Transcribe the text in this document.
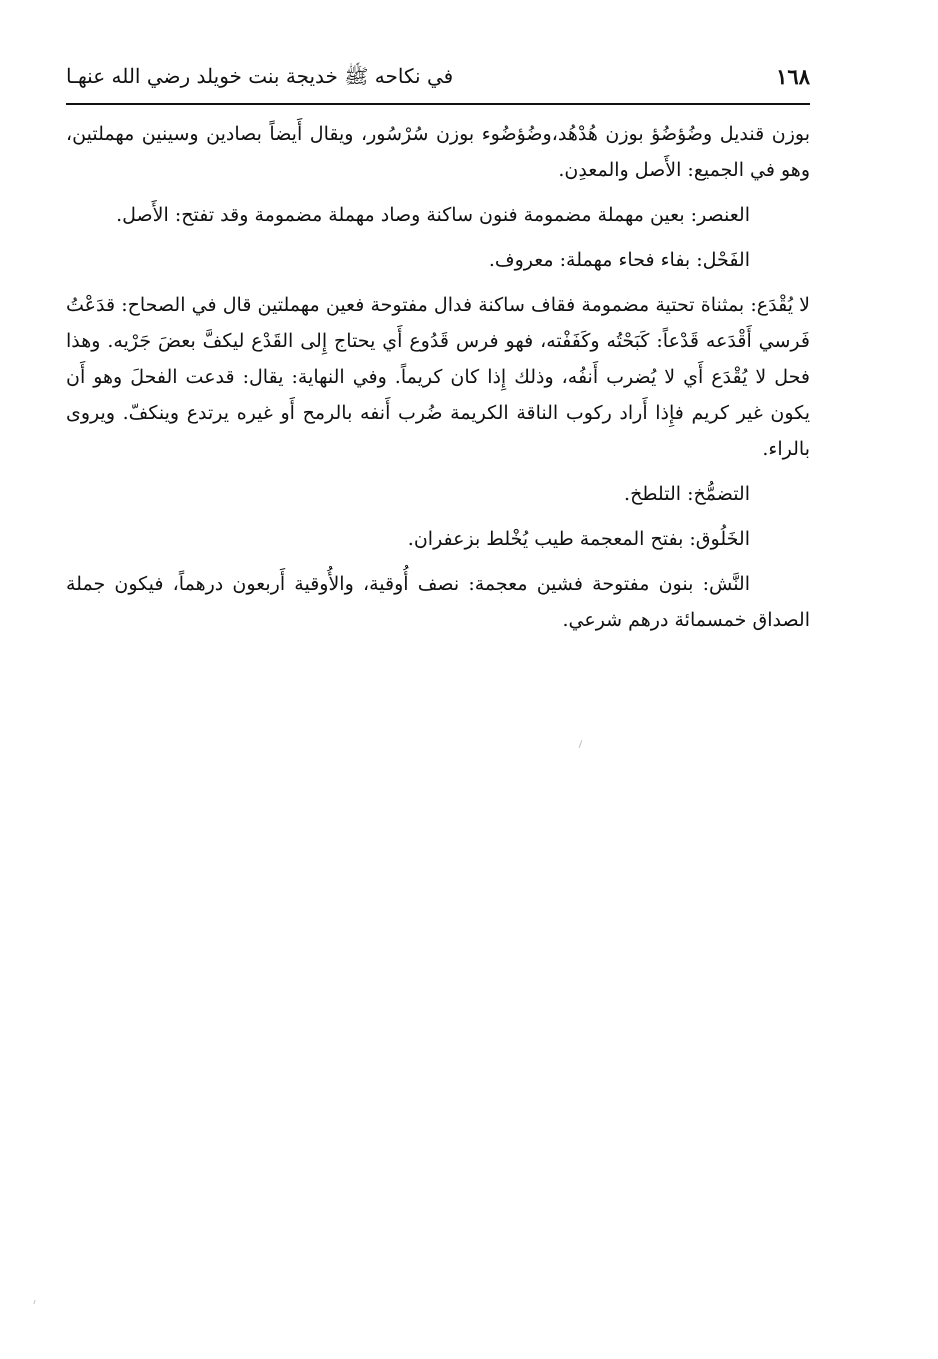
١٦٨
في نكاحه ﷺ خديجة بنت خويلد رضي الله عنهـا

بوزن قنديل وضُؤضُؤ بوزن هُدْهُد،وضُؤضُوء بوزن سُرْسُور، ويقال أَيضاً بصادين وسينين مهملتين، وهو في الجميع: الأَصل والمعدِن.

العنصر: بعين مهملة مضمومة فنون ساكنة وصاد مهملة مضمومة وقد تفتح: الأَصل.

الفَحْل: بفاء فحاء مهملة: معروف.

لا يُقْدَع: بمثناة تحتية مضمومة فقاف ساكنة فدال مفتوحة فعين مهملتين قال في الصحاح: قدَعْتُ فَرسي أَقْدَعه قَدْعاً: كَبَحْتُه وكَفَفْته، فهو فرس قَدُوع أَي يحتاج إِلى القَدْع ليكفَّ بعضَ جَرْيه. وهذا فحل لا يُقْدَع أَي لا يُضرب أَنفُه، وذلك إِذا كان كريماً. وفي النهاية: يقال: قدعت الفحلَ وهو أَن يكون غير كريم فإِذا أَراد ركوب الناقة الكريمة ضُرب أَنفه بالرمح أَو غيره يرتدع وينكفّ. ويروى بالراء.

التضمُّخ: التلطخ.

الخَلُوق: بفتح المعجمة طيب يُخْلط بزعفران.

النَّش: بنون مفتوحة فشين معجمة: نصف أُوقية، والأُوقية أَربعون درهماً، فيكون جملة الصداق خمسمائة درهم شرعي.
